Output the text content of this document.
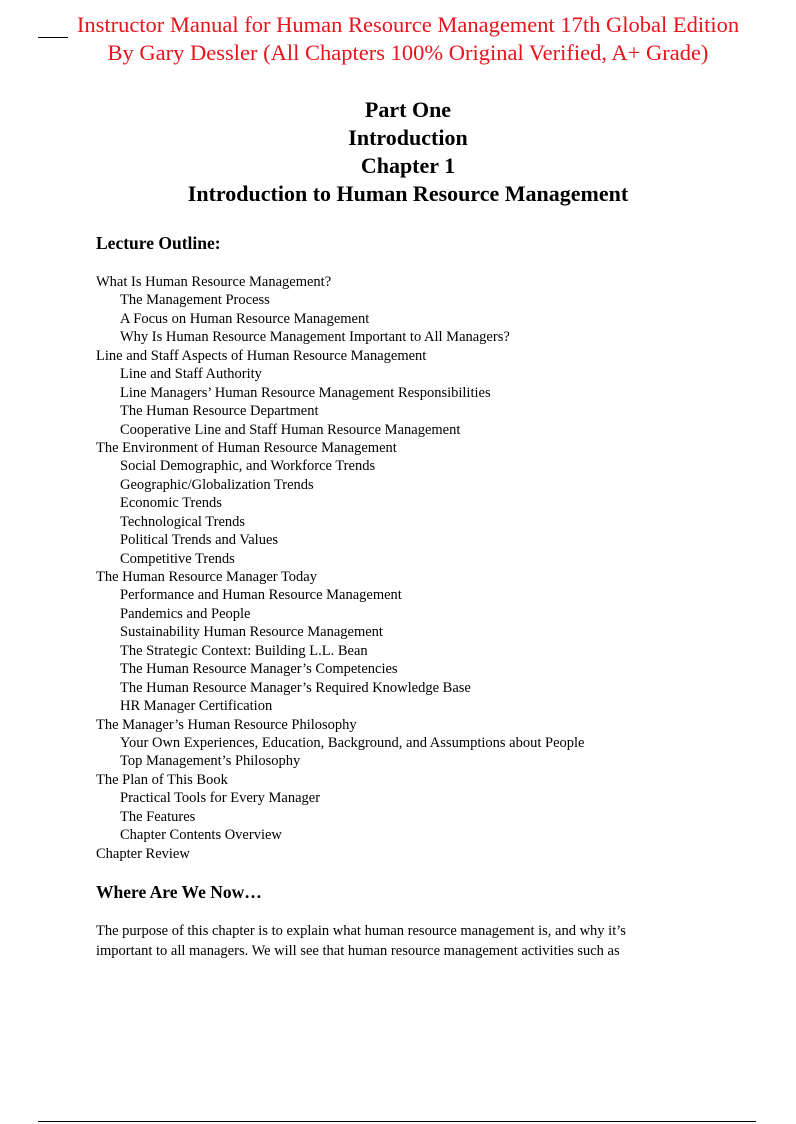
Instructor Manual for Human Resource Management 17th Global Edition
By Gary Dessler (All Chapters 100% Original Verified, A+ Grade)
Part One
Introduction
Chapter 1
Introduction to Human Resource Management
Lecture Outline:
What Is Human Resource Management?
The Management Process
A Focus on Human Resource Management
Why Is Human Resource Management Important to All Managers?
Line and Staff Aspects of Human Resource Management
Line and Staff Authority
Line Managers’ Human Resource Management Responsibilities
The Human Resource Department
Cooperative Line and Staff Human Resource Management
The Environment of Human Resource Management
Social Demographic, and Workforce Trends
Geographic/Globalization Trends
Economic Trends
Technological Trends
Political Trends and Values
Competitive Trends
The Human Resource Manager Today
Performance and Human Resource Management
Pandemics and People
Sustainability Human Resource Management
The Strategic Context: Building L.L. Bean
The Human Resource Manager’s Competencies
The Human Resource Manager’s Required Knowledge Base
HR Manager Certification
The Manager’s Human Resource Philosophy
Your Own Experiences, Education, Background, and Assumptions about People
Top Management’s Philosophy
The Plan of This Book
Practical Tools for Every Manager
The Features
Chapter Contents Overview
Chapter Review
Where Are We Now…
The purpose of this chapter is to explain what human resource management is, and why it’s
important to all managers. We will see that human resource management activities such as
